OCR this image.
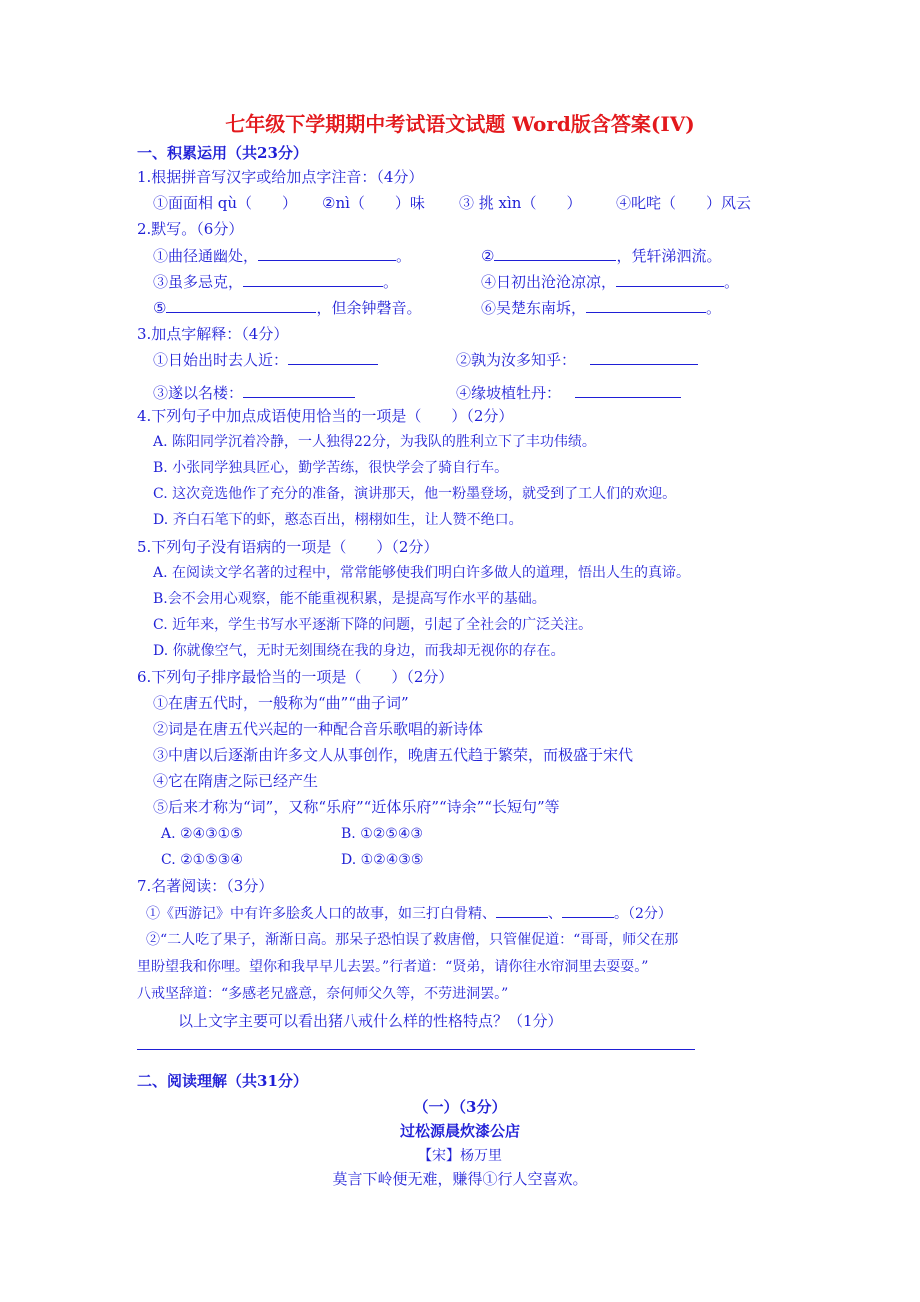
七年级下学期期中考试语文试题 Word版含答案(IV)
一、积累运用（共23分）
1.根据拼音写汉字或给加点字注音：（4分）
①面面相 qù（　　） ②nì（　　）味 ③ 挑 xìn（　　） ④叱咤（　　）风云
2.默写。（6分）
①曲径通幽处，	。	②	，凭轩涕泗流。
③虽多忌克，	。	④日初出沧沧凉凉，	。
⑤	，但余钟磬音。	⑥吴楚东南坼，	。
3.加点字解释：（4分）
①日始出时去人近：	②孰为汝多知乎：
③遂以名楼：	④缘坡植牡丹：
4.下列句子中加点成语使用恰当的一项是（　　）（2分）
A. 陈阳同学沉着冷静，一人独得22分，为我队的胜利立下了丰功伟绩。
B. 小张同学独具匠心，勤学苦练，很快学会了骑自行车。
C. 这次竞选他作了充分的准备，演讲那天，他一粉墨登场，就受到了工人们的欢迎。
D. 齐白石笔下的虾，憨态百出，栩栩如生，让人赞不绝口。
5.下列句子没有语病的一项是（　　）（2分）
A. 在阅读文学名著的过程中，常常能够使我们明白许多做人的道理，悟出人生的真谛。
B.会不会用心观察，能不能重视积累，是提高写作水平的基础。
C. 近年来，学生书写水平逐渐下降的问题，引起了全社会的广泛关注。
D. 你就像空气，无时无刻围绕在我的身边，而我却无视你的存在。
6.下列句子排序最恰当的一项是（　　）（2分）
①在唐五代时，一般称为“曲”“曲子词”
②词是在唐五代兴起的一种配合音乐歌唱的新诗体
③中唐以后逐渐由许多文人从事创作，晚唐五代趋于繁荣，而极盛于宋代
④它在隋唐之际已经产生
⑤后来才称为“词”，又称“乐府”“近体乐府”“诗余”“长短句”等
A. ②④③①⑤	B. ①②⑤④③
C. ②①⑤③④	D. ①②④③⑤
7.名著阅读：（3分）
①《西游记》中有许多脍炙人口的故事，如三打白骨精、	、	。（2分）
②“二人吃了果子，渐渐日高。那呆子恐怕误了救唐僧，只管催促道：“哥哥，师父在那
里盼望我和你哩。望你和我早早儿去罢。”行者道：“贤弟，请你往水帘洞里去耍耍。”
八戒坚辞道：“多感老兄盛意，奈何师父久等，不劳进洞罢。”
以上文字主要可以看出猪八戒什么样的性格特点？（1分）
二、阅读理解（共31分）
（一）（3分）
过松源晨炊漆公店
【宋】杨万里
莫言下岭便无难，赚得①行人空喜欢。
